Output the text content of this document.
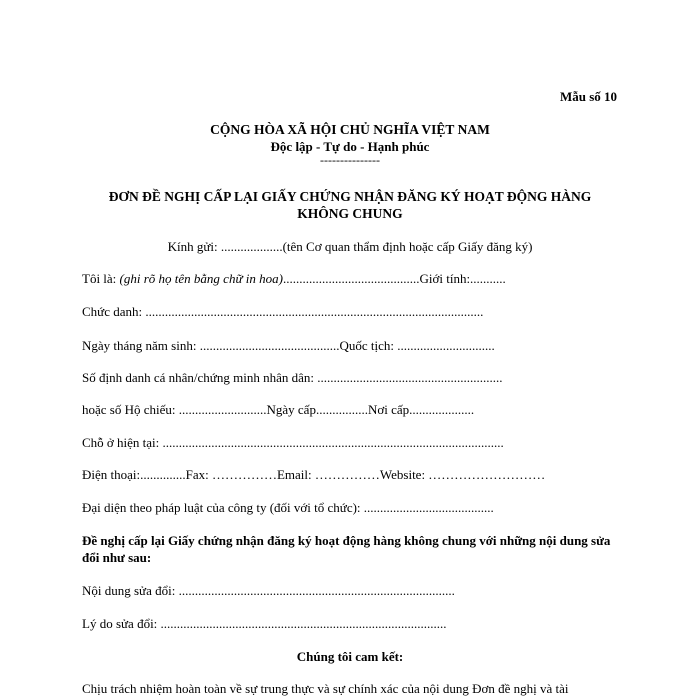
Mẫu số 10
CỘNG HÒA XÃ HỘI CHỦ NGHĨA VIỆT NAM
Độc lập - Tự do - Hạnh phúc
---------------
ĐƠN ĐỀ NGHỊ CẤP LẠI GIẤY CHỨNG NHẬN ĐĂNG KÝ HOẠT ĐỘNG HÀNG KHÔNG CHUNG
Kính gửi: ...................(tên Cơ quan thẩm định hoặc cấp Giấy đăng ký)
Tôi là: (ghi rõ họ tên bằng chữ in hoa)..........................................Giới tính:...........
Chức danh: ........................................................................................................
Ngày tháng năm sinh: ...........................................Quốc tịch: ..............................
Số định danh cá nhân/chứng minh nhân dân: .........................................................
hoặc số Hộ chiếu: ...........................Ngày cấp................Nơi cấp....................
Chỗ ở hiện tại: .........................................................................................................
Điện thoại:..............Fax: ……………Email: ……………Website: ………………………
Đại diện theo pháp luật của công ty (đối với tổ chức): ........................................
Đề nghị cấp lại Giấy chứng nhận đăng ký hoạt động hàng không chung với những nội dung sửa đổi như sau:
Nội dung sửa đổi: .....................................................................................
Lý do sửa đổi: ........................................................................................
Chúng tôi cam kết:
Chịu trách nhiệm hoàn toàn về sự trung thực và sự chính xác của nội dung Đơn đề nghị và tài
